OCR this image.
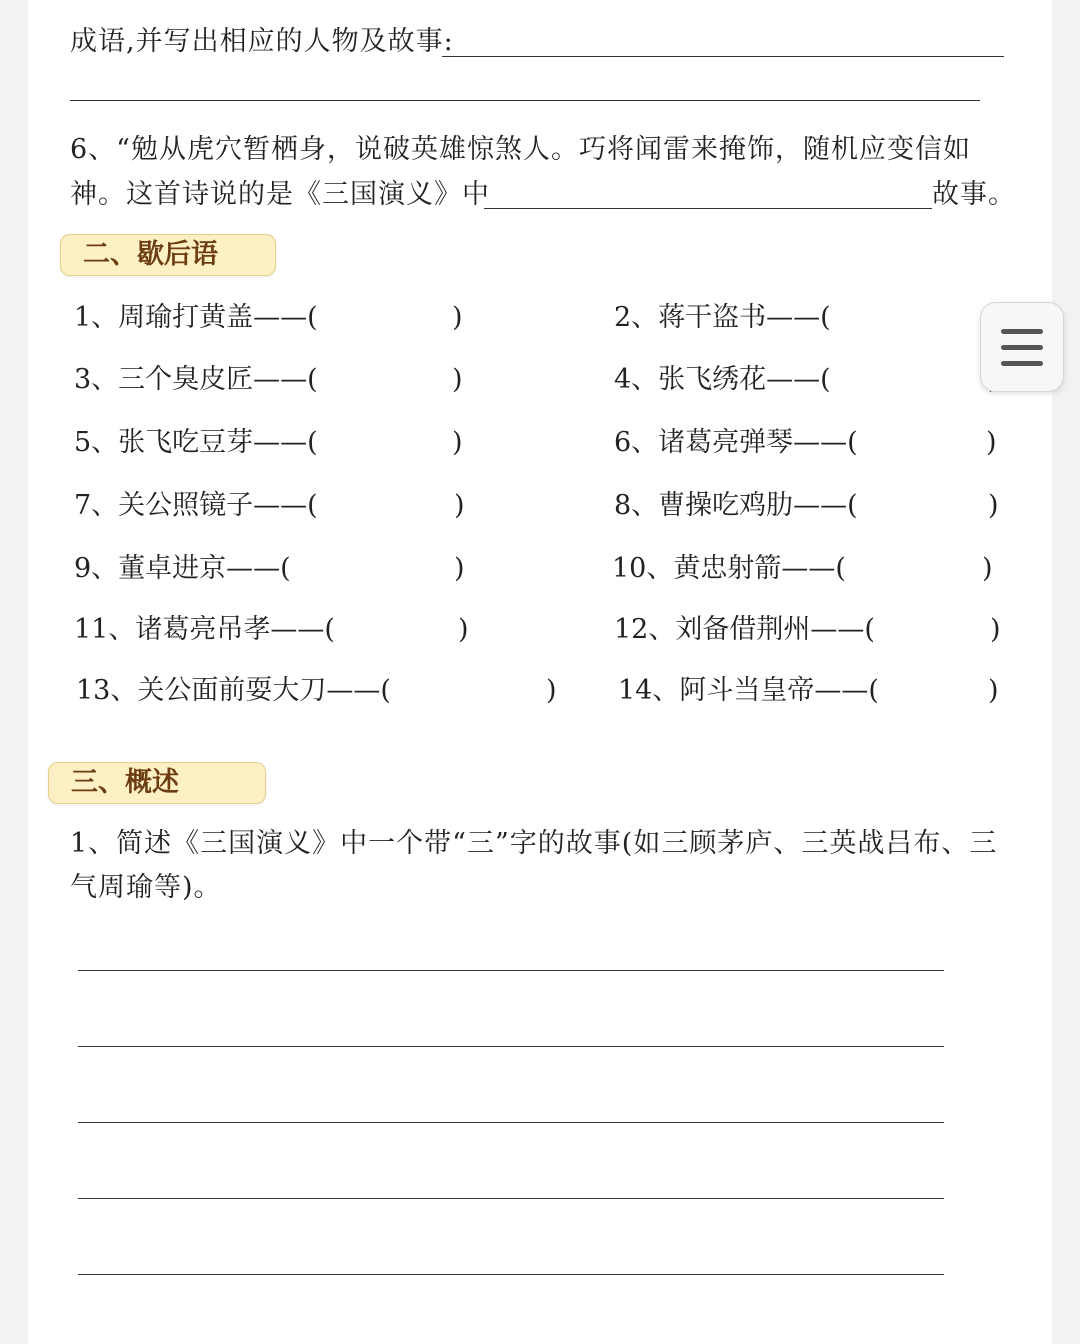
成语,并写出相应的人物及故事:
6、“勉从虎穴暂栖身，说破英雄惊煞人。巧将闻雷来掩饰，随机应变信如
神。这首诗说的是《三国演义》中	故事。
二、歇后语
1、周瑜打黄盖——(	)	2、蒋干盗书——(
3、三个臭皮匠——(	)	4、张飞绣花——(
5、张飞吃豆芽——(	)	6、诸葛亮弹琴——(	)
7、关公照镜子——(	)	8、曹操吃鸡肋——(	)
9、董卓进京——(	)	10、黄忠射箭——(	)
11、诸葛亮吊孝——(	)	12、刘备借荆州——(	)
13、关公面前耍大刀——(	) 14、阿斗当皇帝——(	)
三、概述
1、简述《三国演义》中一个带“三”字的故事(如三顾茅庐、三英战吕布、三
气周瑜等)。
